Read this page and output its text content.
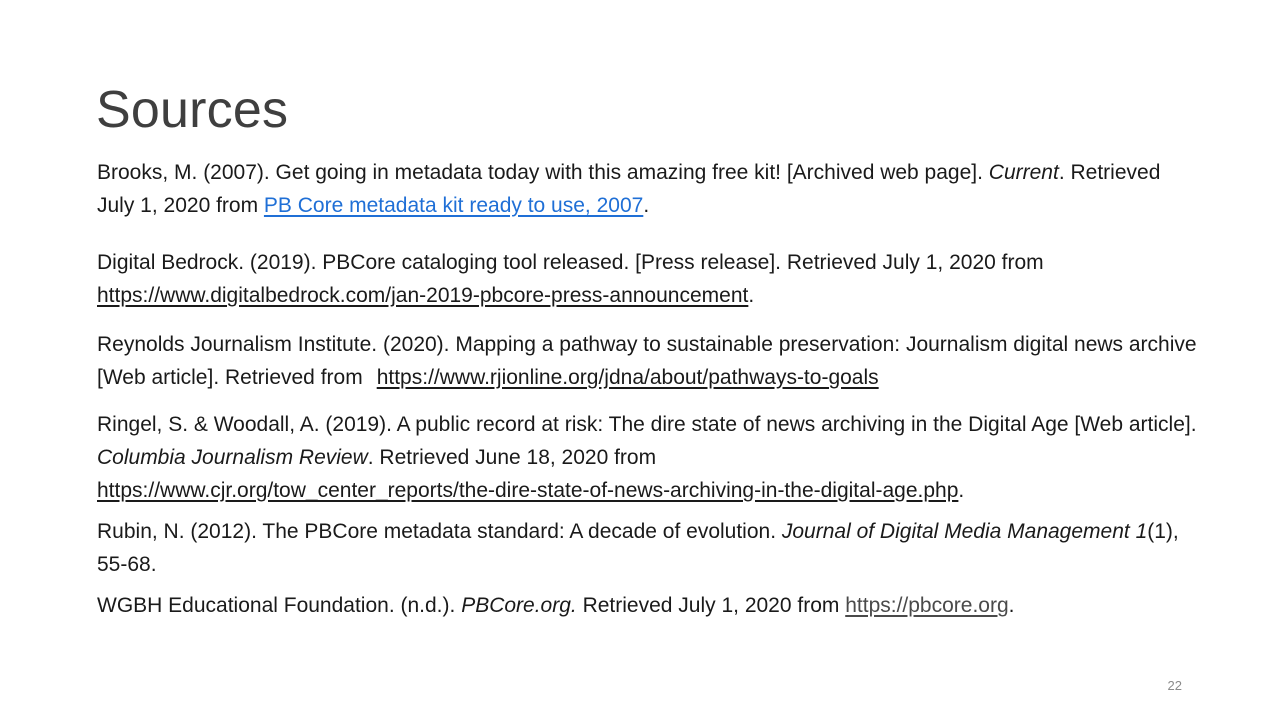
Sources

Brooks, M. (2007). Get going in metadata today with this amazing free kit! [Archived web page]. Current. Retrieved July 1, 2020 from PB Core metadata kit ready to use, 2007.

Digital Bedrock. (2019). PBCore cataloging tool released. [Press release]. Retrieved July 1, 2020 from https://www.digitalbedrock.com/jan-2019-pbcore-press-announcement.

Reynolds Journalism Institute. (2020). Mapping a pathway to sustainable preservation: Journalism digital news archive [Web article]. Retrieved from https://www.rjionline.org/jdna/about/pathways-to-goals

Ringel, S. & Woodall, A. (2019). A public record at risk: The dire state of news archiving in the Digital Age [Web article]. Columbia Journalism Review. Retrieved June 18, 2020 from
https://www.cjr.org/tow_center_reports/the-dire-state-of-news-archiving-in-the-digital-age.php.

Rubin, N. (2012). The PBCore metadata standard: A decade of evolution. Journal of Digital Media Management 1(1), 55-68.

WGBH Educational Foundation. (n.d.). PBCore.org. Retrieved July 1, 2020 from https://pbcore.org.

22
